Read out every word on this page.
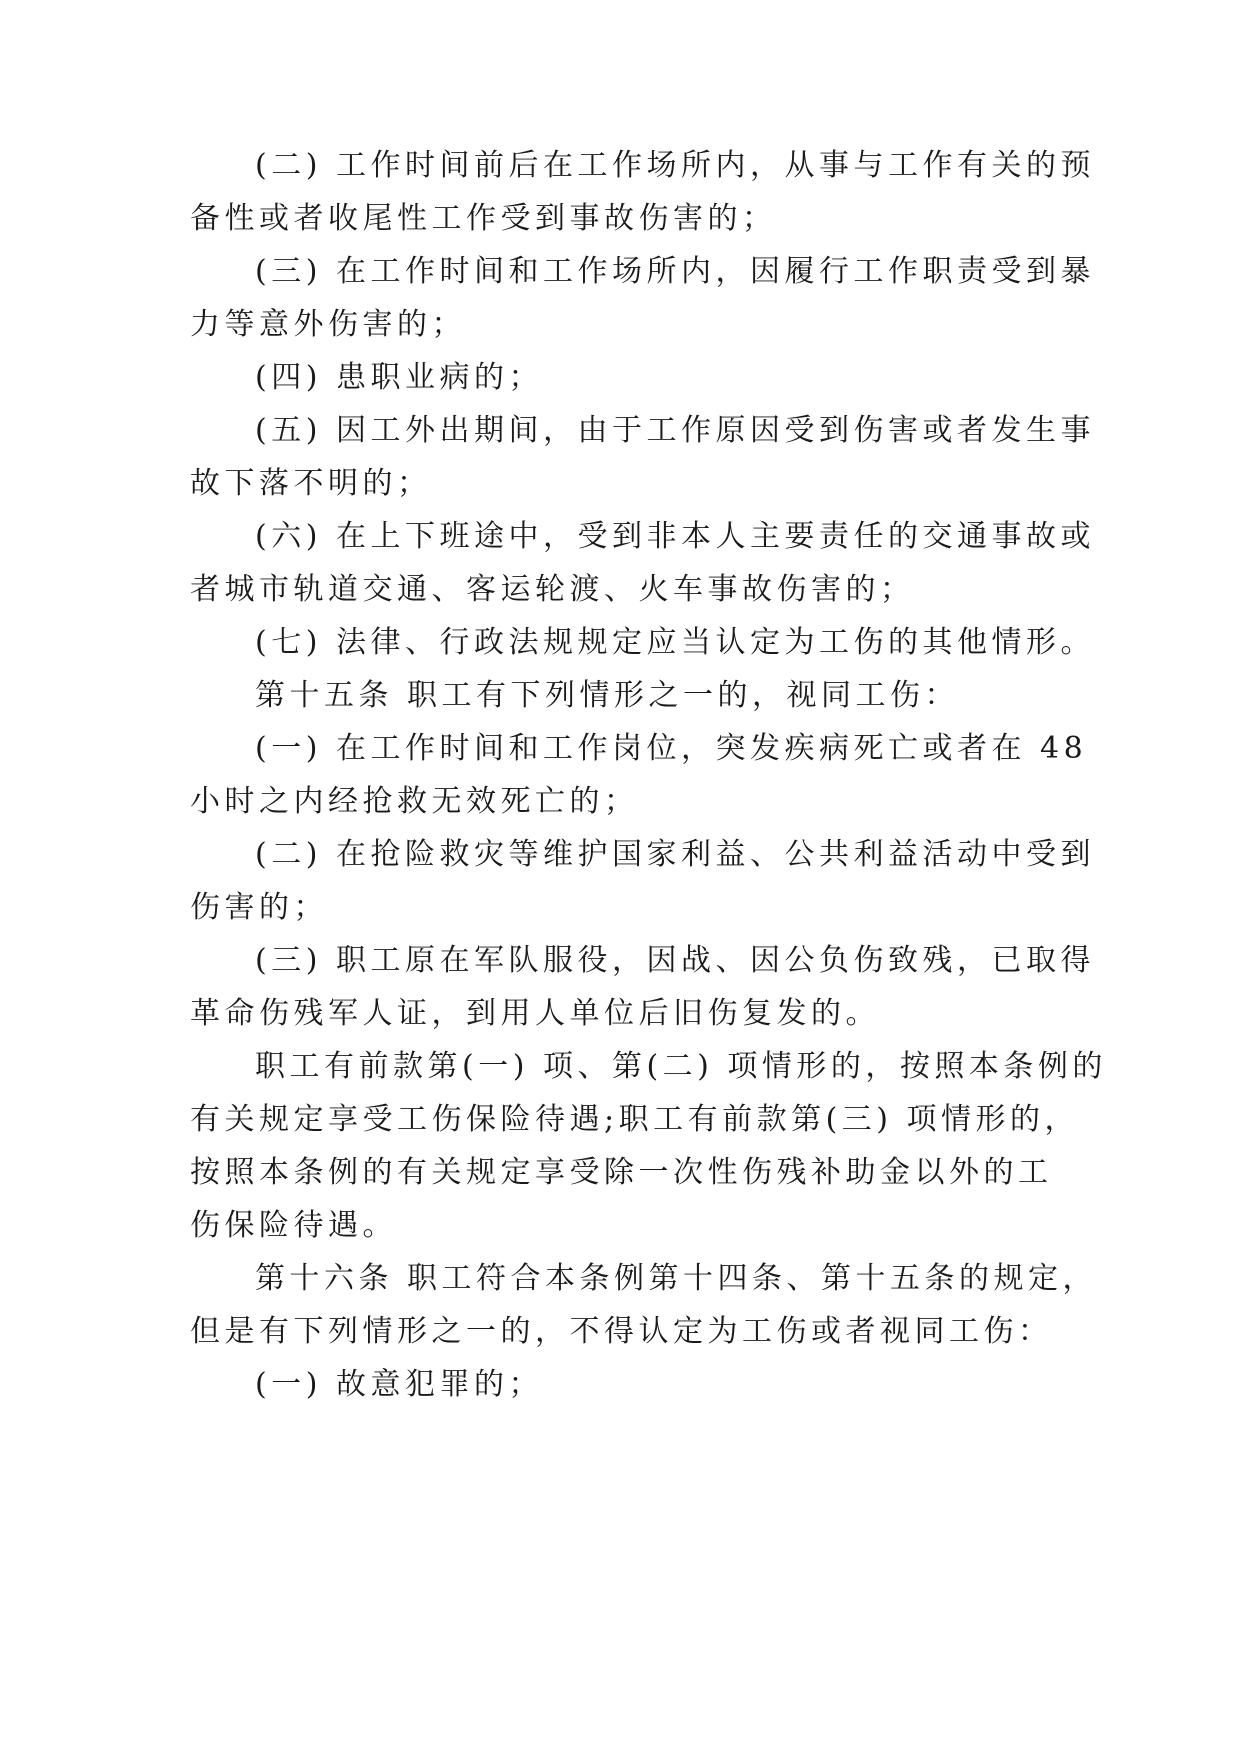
(二) 工作时间前后在工作场所内，从事与工作有关的预

备性或者收尾性工作受到事故伤害的；

(三) 在工作时间和工作场所内，因履行工作职责受到暴

力等意外伤害的；

(四) 患职业病的；

(五) 因工外出期间，由于工作原因受到伤害或者发生事

故下落不明的；

(六) 在上下班途中，受到非本人主要责任的交通事故或

者城市轨道交通、客运轮渡、火车事故伤害的；

(七) 法律、行政法规规定应当认定为工伤的其他情形。

第十五条 职工有下列情形之一的，视同工伤：

(一) 在工作时间和工作岗位，突发疾病死亡或者在 48

小时之内经抢救无效死亡的；

(二) 在抢险救灾等维护国家利益、公共利益活动中受到

伤害的；

(三) 职工原在军队服役，因战、因公负伤致残，已取得

革命伤残军人证，到用人单位后旧伤复发的。

职工有前款第(一) 项、第(二) 项情形的，按照本条例的

有关规定享受工伤保险待遇;职工有前款第(三) 项情形的，

按照本条例的有关规定享受除一次性伤残补助金以外的工

伤保险待遇。

第十六条 职工符合本条例第十四条、第十五条的规定，

但是有下列情形之一的，不得认定为工伤或者视同工伤：

(一) 故意犯罪的；
